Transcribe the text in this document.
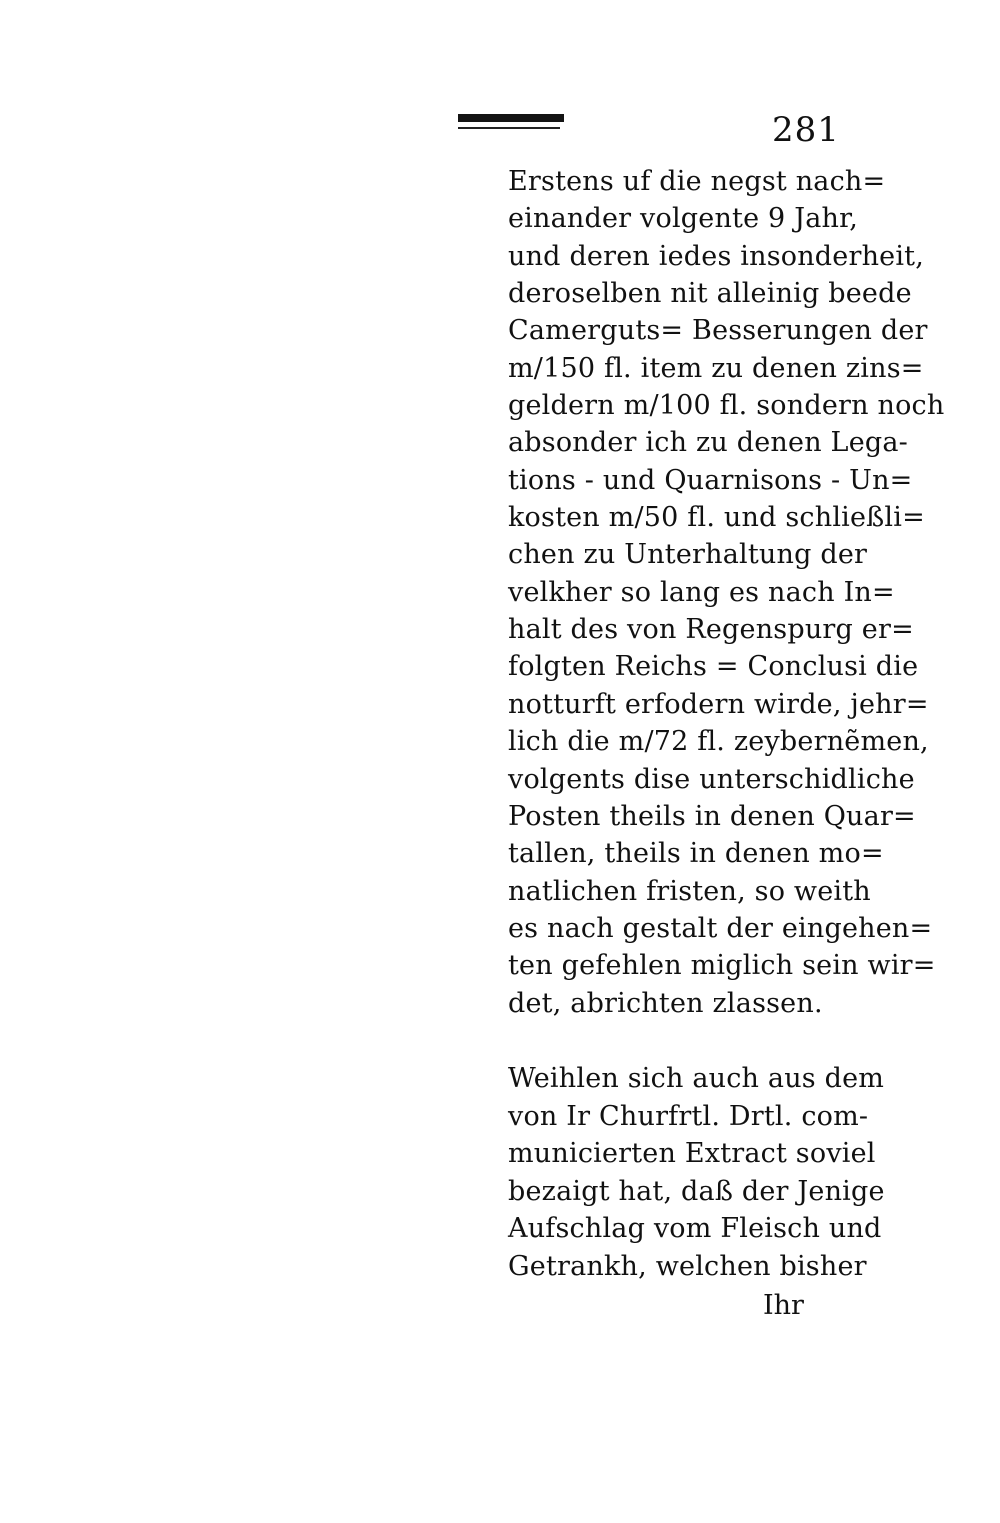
281
Erstens uf die negst nach=
einander volgente 9 Jahr,
und deren iedes insonderheit,
deroselben nit alleinig beede
Camerguts= Besserungen der
m/150 fl. item zu denen zins=
geldern m/100 fl. sondern noch
absonder ich zu denen Lega-
tions - und Quarnisons - Un=
kosten m/50 fl. und schließli=
chen zu Unterhaltung der
velkher so lang es nach In=
halt des von Regenspurg er=
folgten Reichs = Conclusi die
notturft erfodern wirde, jehr=
lich die m/72 fl. zeybernẽmen,
volgents dise unterschidliche
Posten theils in denen Quar=
tallen, theils in denen mo=
natlichen fristen, so weith
es nach gestalt der eingehen=
ten gefehlen miglich sein wir=
det, abrichten zlassen.
Weihlen sich auch aus dem
von Ir Churfrtl. Drtl. com-
municierten Extract soviel
bezaigt hat, daß der Jenige
Aufschlag vom Fleisch und
Getrankh, welchen bisher
Ihr
